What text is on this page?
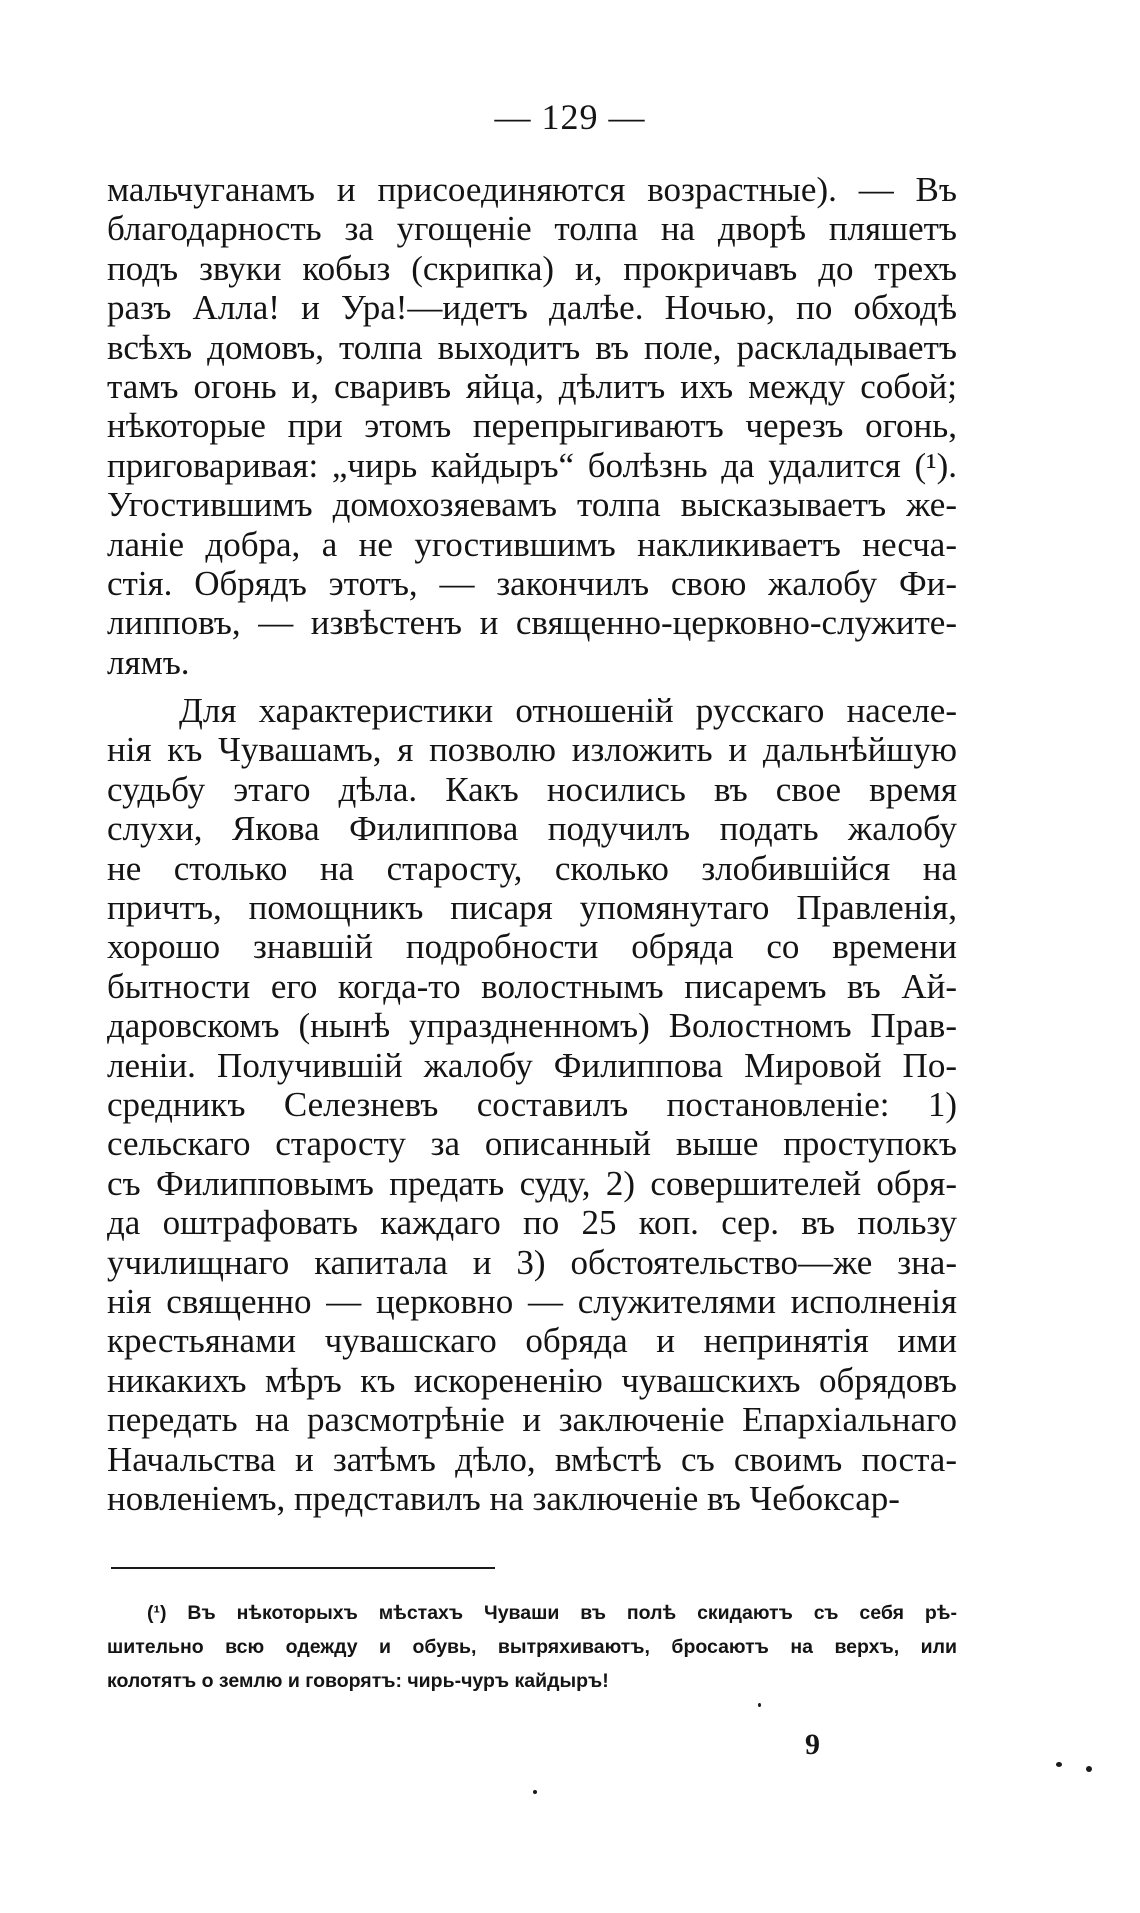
— 129 —
мальчуганамъ и присоединяются возрастные). — Въ
благодарность за угощеніе толпа на дворѣ пляшетъ
подъ звуки кобыз (скрипка) и, прокричавъ до трехъ
разъ Алла! и Ура!—идетъ далѣе. Ночью, по обходѣ
всѣхъ домовъ, толпа выходитъ въ поле, раскладываетъ
тамъ огонь и, сваривъ яйца, дѣлитъ ихъ между собой;
нѣкоторые при этомъ перепрыгиваютъ черезъ огонь,
приговаривая: „чирь кайдыръ“ болѣзнь да удалится (¹).
Угостившимъ домохозяевамъ толпа высказываетъ же-
ланіе добра, а не угостившимъ накликиваетъ несча-
стія. Обрядъ этотъ, — закончилъ свою жалобу Фи-
липповъ, — извѣстенъ и священно-церковно-служите-
лямъ.
Для характеристики отношеній русскаго населе-
нія къ Чувашамъ, я позволю изложить и дальнѣйшую
судьбу этаго дѣла. Какъ носились въ свое время
слухи, Якова Филиппова подучилъ подать жалобу
не столько на старосту, сколько злобившійся на
причтъ, помощникъ писаря упомянутаго Правленія,
хорошо знавшій подробности обряда со времени
бытности его когда-то волостнымъ писаремъ въ Ай-
даровскомъ (нынѣ упраздненномъ) Волостномъ Прав-
леніи. Получившій жалобу Филиппова Мировой По-
средникъ Селезневъ составилъ постановленіе: 1)
сельскаго старосту за описанный выше проступокъ
съ Филипповымъ предать суду, 2) совершителей обря-
да оштрафовать каждаго по 25 коп. сер. въ пользу
училищнаго капитала и 3) обстоятельство—же зна-
нія священно — церковно — служителями исполненія
крестьянами чувашскаго обряда и непринятія ими
никакихъ мѣръ къ искорененію чувашскихъ обрядовъ
передать на разсмотрѣніе и заключеніе Епархіальнаго
Начальства и затѣмъ дѣло, вмѣстѣ съ своимъ поста-
новленіемъ, представилъ на заключеніе въ Чебоксар-
(¹) Въ нѣкоторыхъ мѣстахъ Чуваши въ полѣ скидаютъ съ себя рѣ-
шительно всю одежду и обувь, вытряхиваютъ, бросаютъ на верхъ, или
колотятъ о землю и говорятъ: чирь-чуръ кайдыръ!
9
